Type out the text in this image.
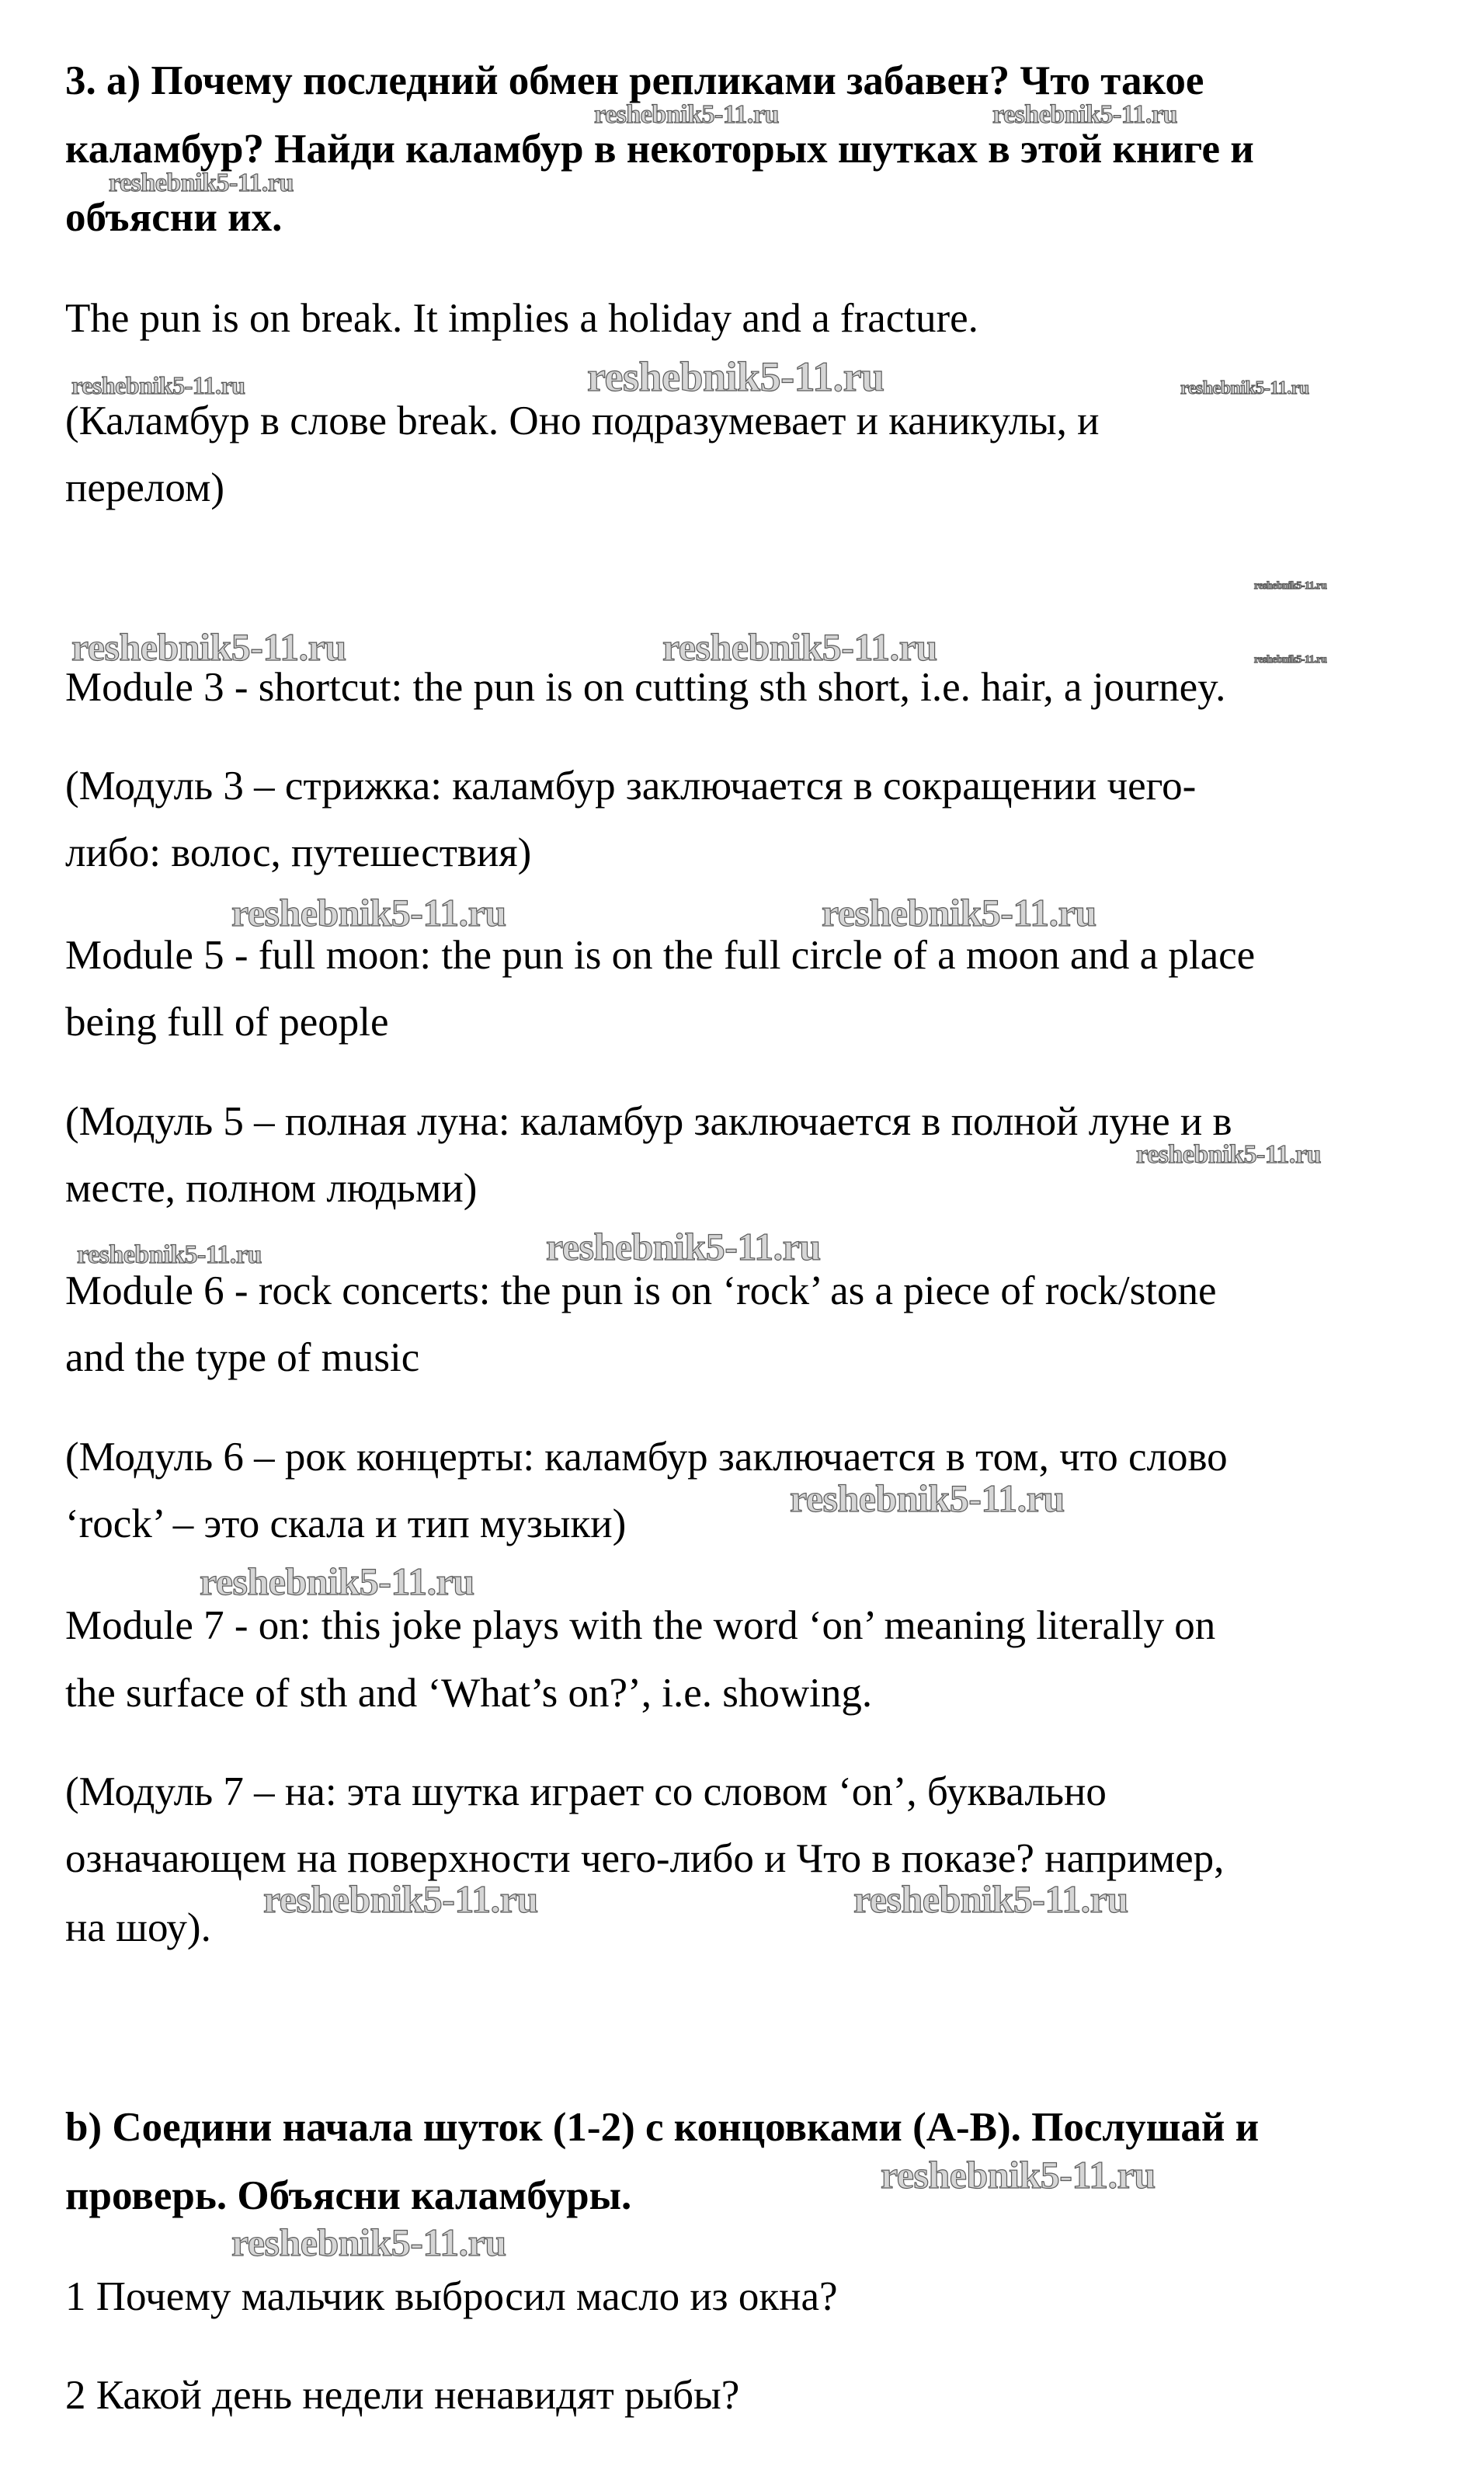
3. а) Почему последний обмен репликами забавен? Что такое
каламбур? Найди каламбур в некоторых шутках в этой книге и
объясни их.
The pun is on break. It implies a holiday and a fracture.
(Каламбур в слове break. Оно подразумевает и каникулы, и
перелом)
Module 3 - shortcut: the pun is on cutting sth short, i.e. hair, a journey.
(Модуль 3 – стрижка: каламбур заключается в сокращении чего-
либо: волос, путешествия)
Module 5 - full moon: the pun is on the full circle of a moon and a place
being full of people
(Модуль 5 – полная луна: каламбур заключается в полной луне и в
месте, полном людьми)
Module 6 - rock concerts: the pun is on ‘rock’ as a piece of rock/stone
and the type of music
(Модуль 6 – рок концерты: каламбур заключается в том, что слово
‘rock’ – это скала и тип музыки)
Module 7 - on: this joke plays with the word ‘on’ meaning literally on
the surface of sth and ‘What’s on?’, i.e. showing.
(Модуль 7 – на: эта шутка играет со словом ‘on’, буквально
означающем на поверхности чего-либо и Что в показе? например,
на шоу).
b) Соедини начала шуток (1-2) с концовками (A-B). Послушай и
проверь. Объясни каламбуры.
1 Почему мальчик выбросил масло из окна?
2 Какой день недели ненавидят рыбы?
reshebnik5-11.ru	reshebnik5-11.ru
reshebnik5-11.ru
reshebnik5-11.ru	reshebnik5-11.ru	reshebnik5-11.ru
reshebnik5-11.ru
reshebnik5-11.ru	reshebnik5-11.ru	reshebnik5-11.ru
reshebnik5-11.ru	reshebnik5-11.ru
reshebnik5-11.ru
reshebnik5-11.ru	reshebnik5-11.ru
reshebnik5-11.ru
reshebnik5-11.ru
reshebnik5-11.ru	reshebnik5-11.ru
reshebnik5-11.ru
reshebnik5-11.ru
